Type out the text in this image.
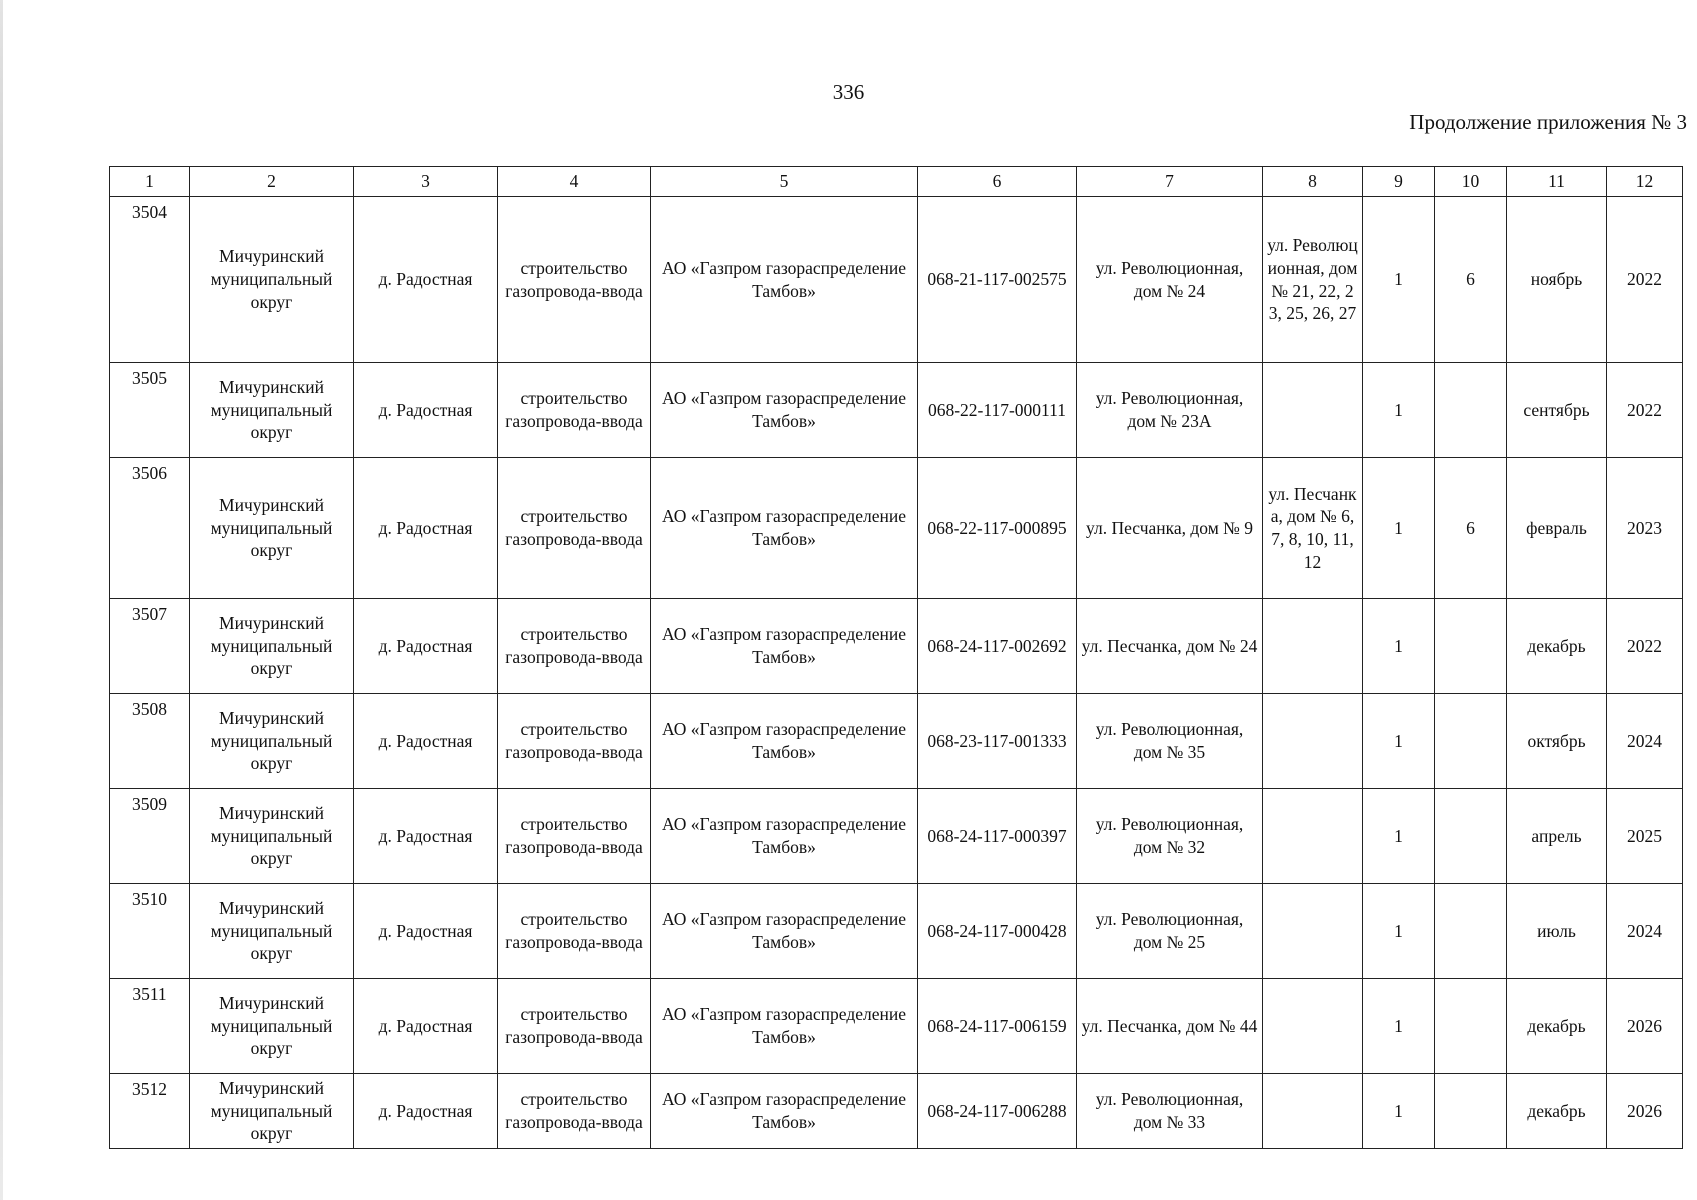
336
Продолжение приложения № 3
1	2	3	4	5	6	7	8	9	10	11	12
3504	Мичуринский муниципальный округ	д. Радостная	строительство газопровода-ввода	АО «Газпром газораспределение Тамбов»	068-21-117-002575	ул. Революционная, дом № 24	ул. Революционная, дом № 21, 22, 23, 25, 26, 27	1	6	ноябрь	2022
3505	Мичуринский муниципальный округ	д. Радостная	строительство газопровода-ввода	АО «Газпром газораспределение Тамбов»	068-22-117-000111	ул. Революционная, дом № 23А		1		сентябрь	2022
3506	Мичуринский муниципальный округ	д. Радостная	строительство газопровода-ввода	АО «Газпром газораспределение Тамбов»	068-22-117-000895	ул. Песчанка, дом № 9	ул. Песчанка, дом № 6, 7, 8, 10, 11, 12	1	6	февраль	2023
3507	Мичуринский муниципальный округ	д. Радостная	строительство газопровода-ввода	АО «Газпром газораспределение Тамбов»	068-24-117-002692	ул. Песчанка, дом № 24		1		декабрь	2022
3508	Мичуринский муниципальный округ	д. Радостная	строительство газопровода-ввода	АО «Газпром газораспределение Тамбов»	068-23-117-001333	ул. Революционная, дом № 35		1		октябрь	2024
3509	Мичуринский муниципальный округ	д. Радостная	строительство газопровода-ввода	АО «Газпром газораспределение Тамбов»	068-24-117-000397	ул. Революционная, дом № 32		1		апрель	2025
3510	Мичуринский муниципальный округ	д. Радостная	строительство газопровода-ввода	АО «Газпром газораспределение Тамбов»	068-24-117-000428	ул. Революционная, дом № 25		1		июль	2024
3511	Мичуринский муниципальный округ	д. Радостная	строительство газопровода-ввода	АО «Газпром газораспределение Тамбов»	068-24-117-006159	ул. Песчанка, дом № 44		1		декабрь	2026
3512	Мичуринский муниципальный округ	д. Радостная	строительство газопровода-ввода	АО «Газпром газораспределение Тамбов»	068-24-117-006288	ул. Революционная, дом № 33		1		декабрь	2026
